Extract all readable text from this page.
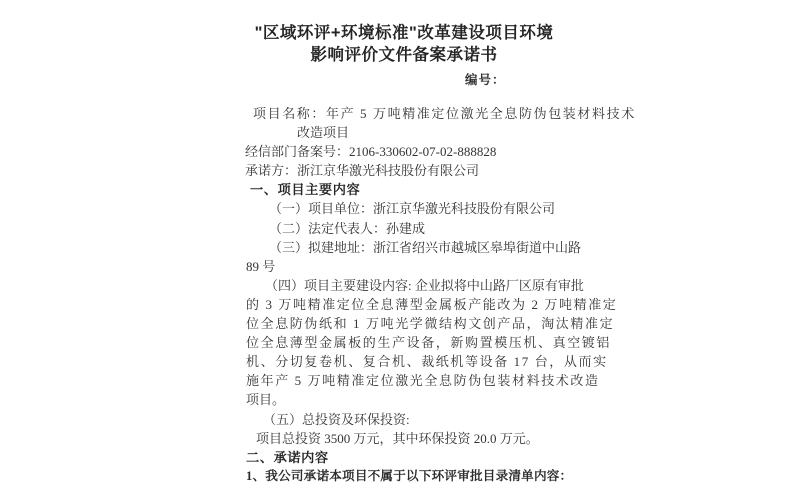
"区域环评+环境标准"改革建设项目环境
影响评价文件备案承诺书
编号：
项目名称：年产 5 万吨精准定位激光全息防伪包装材料技术
改造项目
经信部门备案号：2106-330602-07-02-888828
承诺方：浙江京华激光科技股份有限公司
一、项目主要内容
（一）项目单位：浙江京华激光科技股份有限公司
（二）法定代表人：孙建成
（三）拟建地址：浙江省绍兴市越城区皋埠街道中山路
89 号
（四）项目主要建设内容: 企业拟将中山路厂区原有审批
的 3 万吨精准定位全息薄型金属板产能改为 2 万吨精准定
位全息防伪纸和 1 万吨光学微结构文创产品，淘汰精准定
位全息薄型金属板的生产设备，新购置模压机、真空镀铝
机、分切复卷机、复合机、裁纸机等设备 17 台，从而实
施年产 5 万吨精准定位激光全息防伪包装材料技术改造
项目。
（五）总投资及环保投资:
项目总投资 3500 万元，其中环保投资 20.0 万元。
二、承诺内容
1、我公司承诺本项目不属于以下环评审批目录清单内容：
